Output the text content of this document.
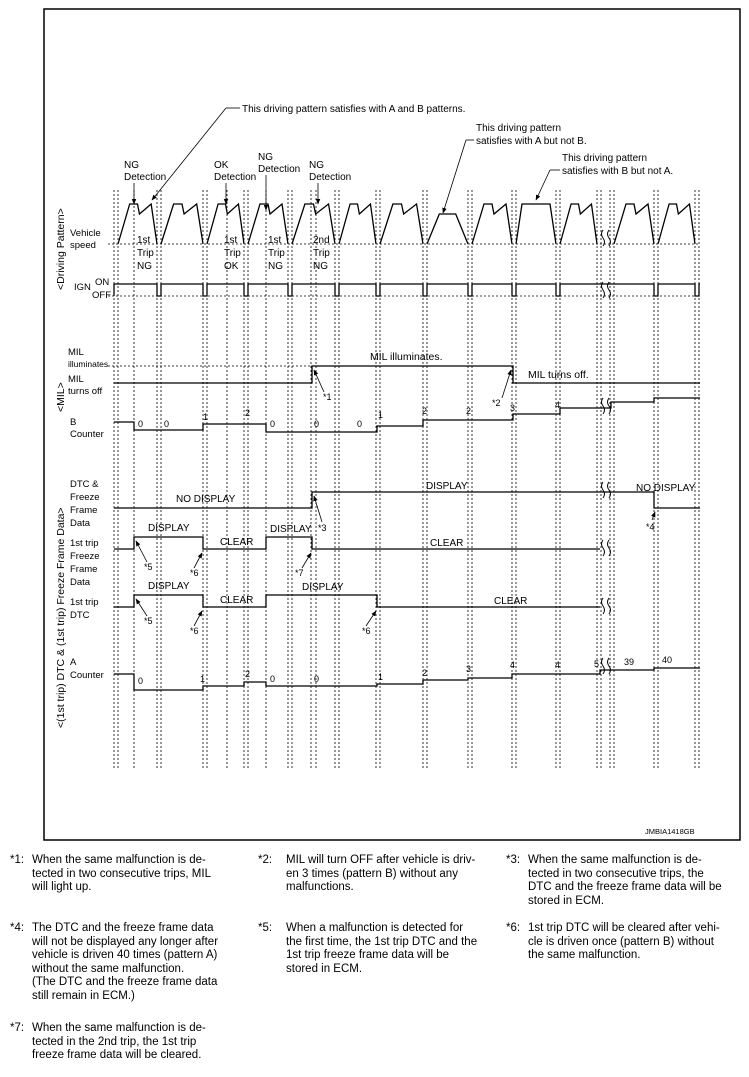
This driving pattern satisfies with A and B patterns.
This driving pattern
satisfies with A but not B.
This driving pattern
satisfies with B but not A.
NG
Detection
OK
Detection
NG
Detection NG
Detection
1st
Trip
NG
1st
Trip
OK
1st
Trip
NG
2nd
Trip
NG
<Driving Pattern>
<MIL>
<(1st trip) DTC & (1st trip) Freeze Frame Data>
Vehicle
speed
IGN ON
OFF
MIL
illuminates
MIL
turns off
B
Counter
DTC &
Freeze
Frame
Data
1st trip
Freeze
Frame
Data
1st trip
DTC
A
Counter
MIL illuminates.
MIL turns off.
*1
*2
0 0
1	2
0	0	0
1	2	2	3	4
NO DISPLAY
DISPLAY	NO DISPLAY
*3	*4
DISPLAY
CLEAR
DISPLAY
CLEAR
*5
*6	*7
DISPLAY
CLEAR
DISPLAY
CLEAR
*5
*6	*6
0	1	2 0	0	1	2	3	4	4	5	39	40
JMBIA1418GB
*1: When the same malfunction is de-
tected in two consecutive trips, MIL
will light up.
*2: MIL will turn OFF after vehicle is driv-
en 3 times (pattern B) without any
malfunctions.
*3: When the same malfunction is de-
tected in two consecutive trips, the
DTC and the freeze frame data will be
stored in ECM.
*4: The DTC and the freeze frame data
will not be displayed any longer after
vehicle is driven 40 times (pattern A)
without the same malfunction.
(The DTC and the freeze frame data
still remain in ECM.)
*5: When a malfunction is detected for
the first time, the 1st trip DTC and the
1st trip freeze frame data will be
stored in ECM.
*6: 1st trip DTC will be cleared after vehi-
cle is driven once (pattern B) without
the same malfunction.
*7: When the same malfunction is de-
tected in the 2nd trip, the 1st trip
freeze frame data will be cleared.
